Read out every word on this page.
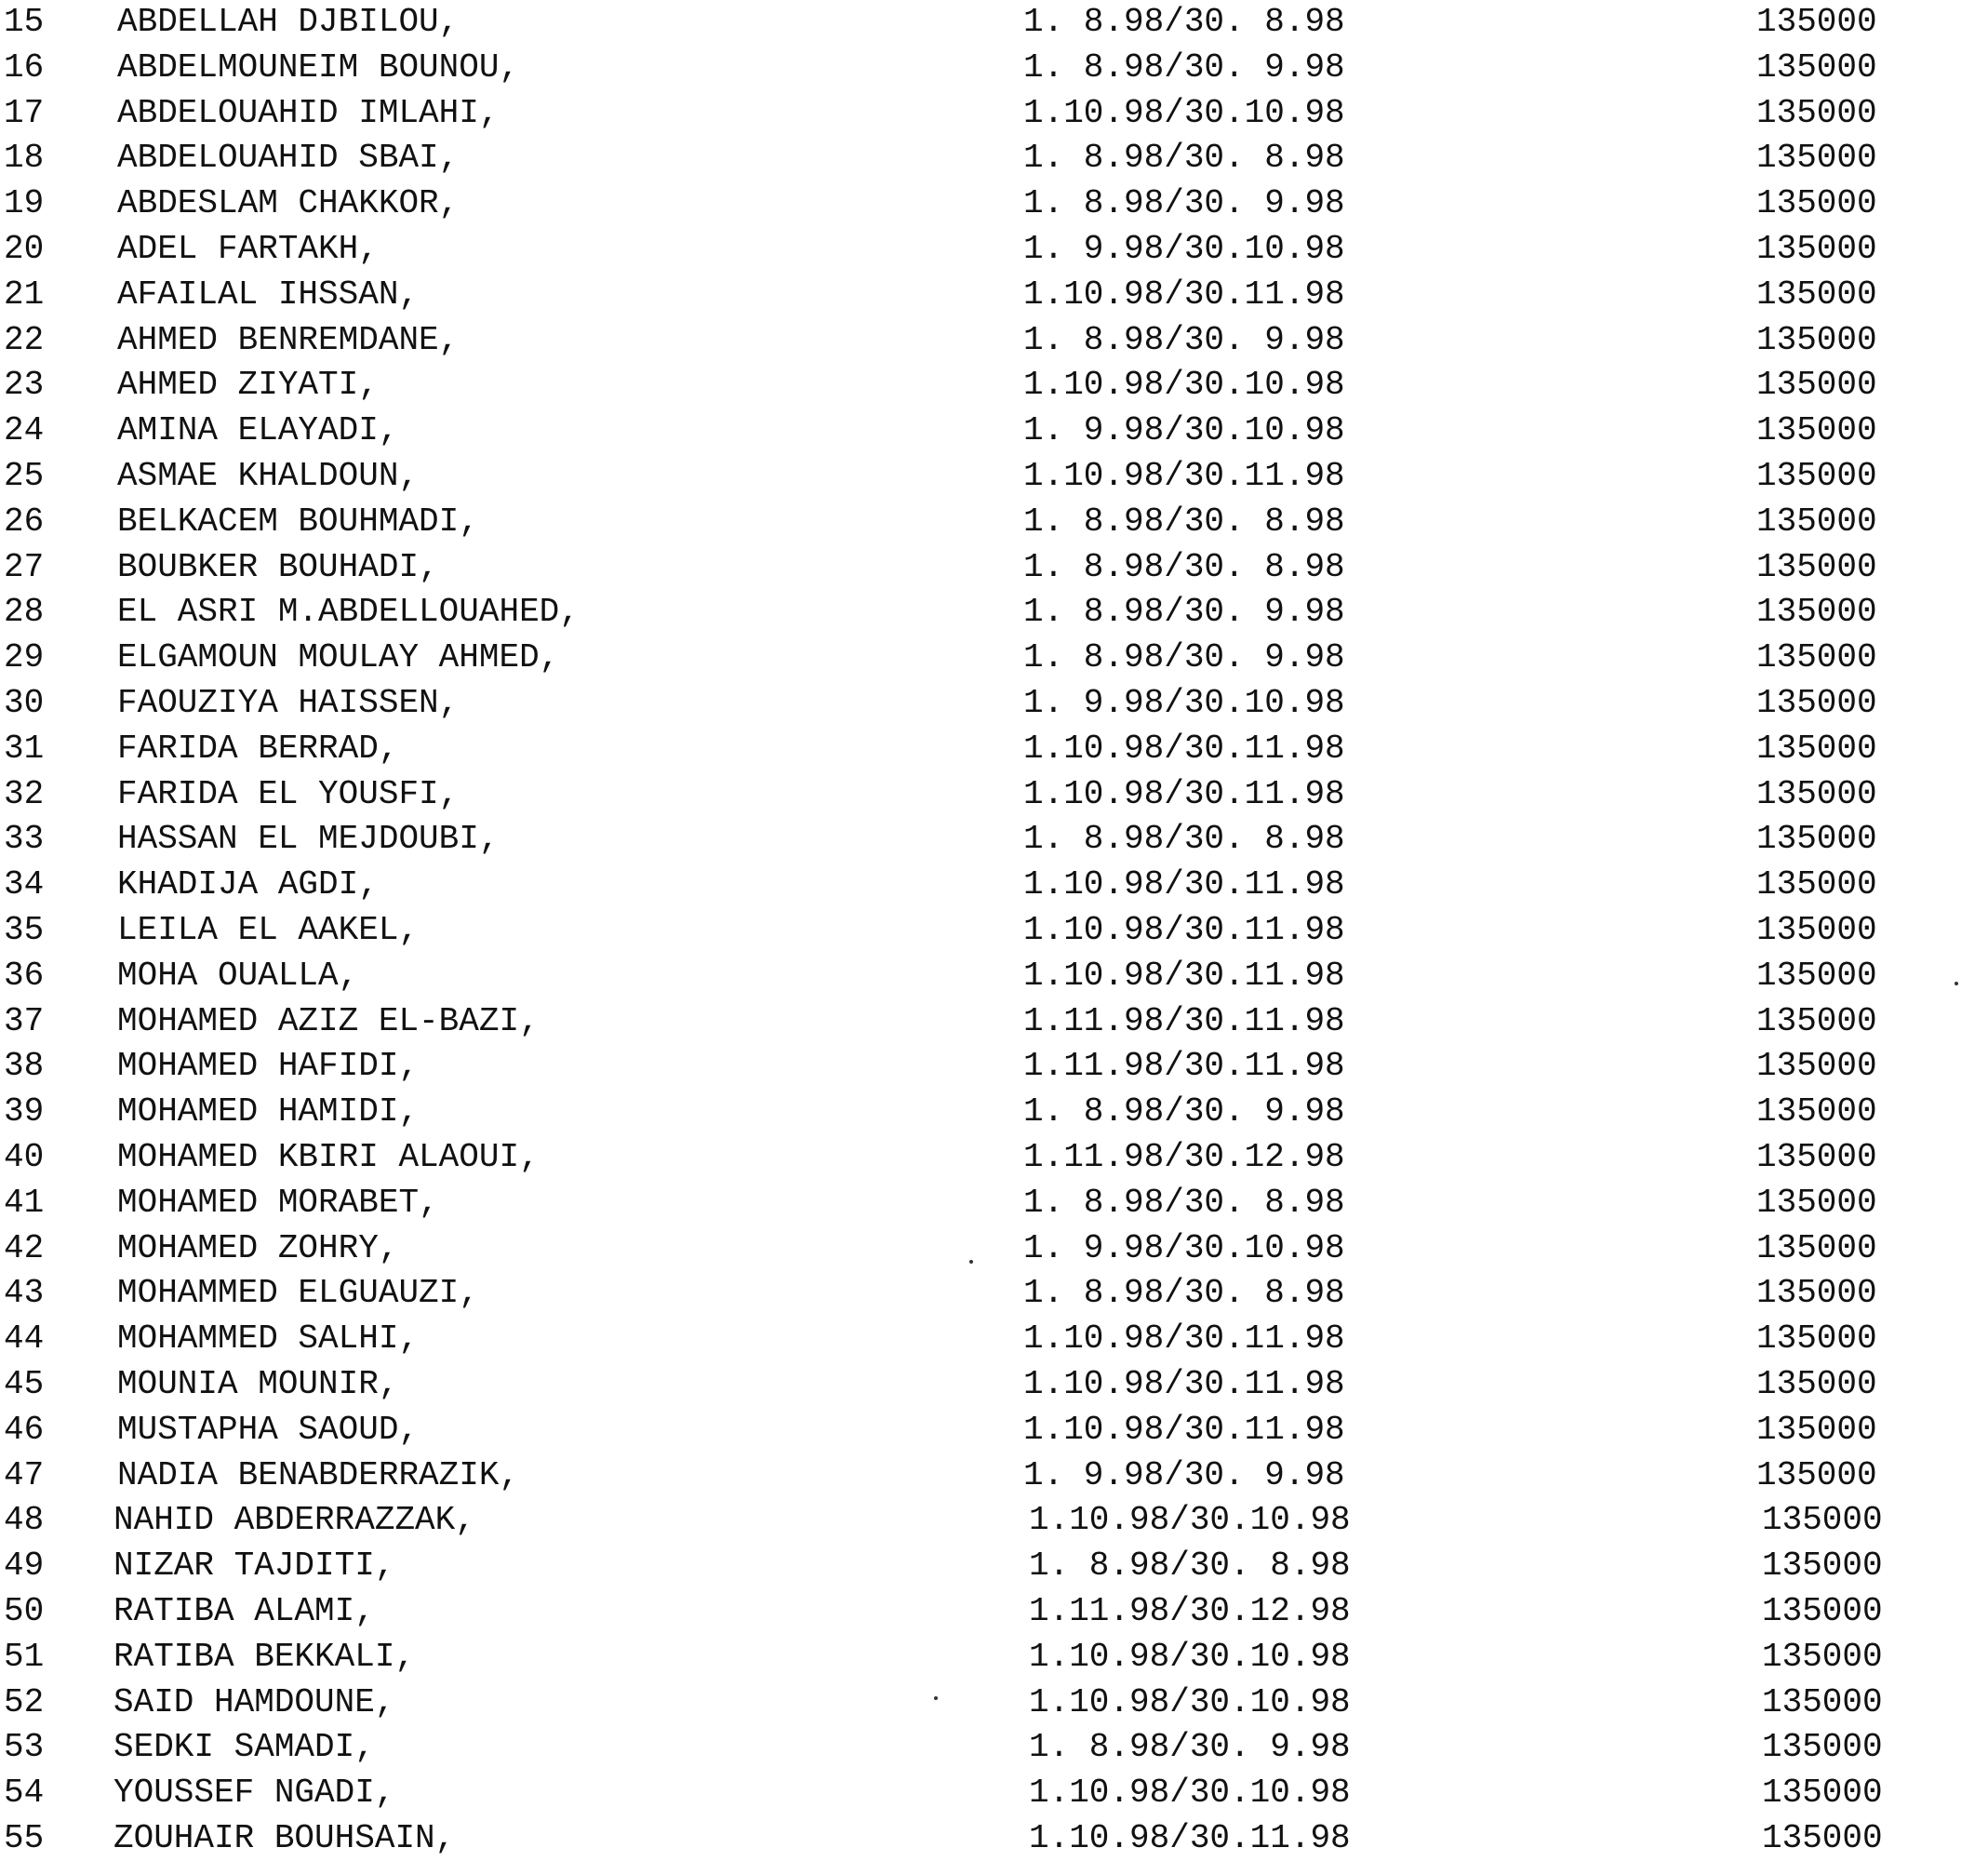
15 ABDELLAH DJBILOU,	1. 8.98/30. 8.98	135000
16 ABDELMOUNEIM BOUNOU,	1. 8.98/30. 9.98	135000
17 ABDELOUAHID IMLAHI,	1.10.98/30.10.98	135000
18 ABDELOUAHID SBAI,	1. 8.98/30. 8.98	135000
19 ABDESLAM CHAKKOR,	1. 8.98/30. 9.98	135000
20 ADEL FARTAKH,	1. 9.98/30.10.98	135000
21 AFAILAL IHSSAN,	1.10.98/30.11.98	135000
22 AHMED BENREMDANE,	1. 8.98/30. 9.98	135000
23 AHMED ZIYATI,	1.10.98/30.10.98	135000
24 AMINA ELAYADI,	1. 9.98/30.10.98	135000
25 ASMAE KHALDOUN,	1.10.98/30.11.98	135000
26 BELKACEM BOUHMADI,	1. 8.98/30. 8.98	135000
27 BOUBKER BOUHADI,	1. 8.98/30. 8.98	135000
28 EL ASRI M.ABDELLOUAHED,	1. 8.98/30. 9.98	135000
29 ELGAMOUN MOULAY AHMED,	1. 8.98/30. 9.98	135000
30 FAOUZIYA HAISSEN,	1. 9.98/30.10.98	135000
31 FARIDA BERRAD,	1.10.98/30.11.98	135000
32 FARIDA EL YOUSFI,	1.10.98/30.11.98	135000
33 HASSAN EL MEJDOUBI,	1. 8.98/30. 8.98	135000
34 KHADIJA AGDI,	1.10.98/30.11.98	135000
35 LEILA EL AAKEL,	1.10.98/30.11.98	135000
36 MOHA OUALLA,	1.10.98/30.11.98	135000
37 MOHAMED AZIZ EL-BAZI,	1.11.98/30.11.98	135000
38 MOHAMED HAFIDI,	1.11.98/30.11.98	135000
39 MOHAMED HAMIDI,	1. 8.98/30. 9.98	135000
40 MOHAMED KBIRI ALAOUI,	1.11.98/30.12.98	135000
41 MOHAMED MORABET,	1. 8.98/30. 8.98	135000
42 MOHAMED ZOHRY,	1. 9.98/30.10.98	135000
43 MOHAMMED ELGUAUZI,	1. 8.98/30. 8.98	135000
44 MOHAMMED SALHI,	1.10.98/30.11.98	135000
45 MOUNIA MOUNIR,	1.10.98/30.11.98	135000
46 MUSTAPHA SAOUD,	1.10.98/30.11.98	135000
47 NADIA BENABDERRAZIK,	1. 9.98/30. 9.98	135000
48 NAHID ABDERRAZZAK,	1.10.98/30.10.98	135000
49 NIZAR TAJDITI,	1. 8.98/30. 8.98	135000
50 RATIBA ALAMI,	1.11.98/30.12.98	135000
51 RATIBA BEKKALI,	1.10.98/30.10.98	135000
52 SAID HAMDOUNE,	1.10.98/30.10.98	135000
53 SEDKI SAMADI,	1. 8.98/30. 9.98	135000
54 YOUSSEF NGADI,	1.10.98/30.10.98	135000
55 ZOUHAIR BOUHSAIN,	1.10.98/30.11.98	135000
